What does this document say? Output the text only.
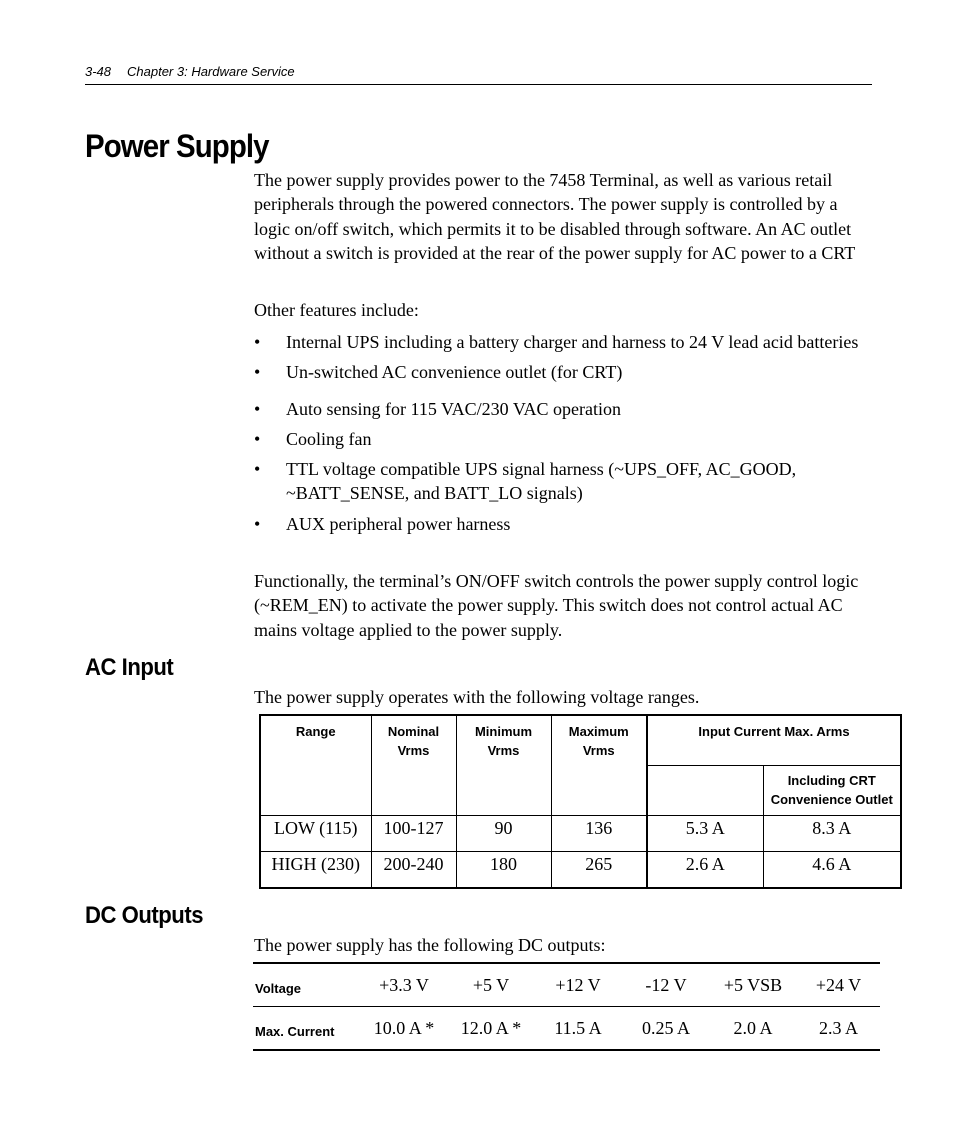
3-48 Chapter 3: Hardware Service
Power Supply

The power supply provides power to the 7458 Terminal, as well as various retail peripherals through the powered connectors. The power supply is controlled by a logic on/off switch, which permits it to be disabled through software. An AC outlet without a switch is provided at the rear of the power supply for AC power to a CRT

Other features include:

•	Internal UPS including a battery charger and harness to 24 V lead acid batteries
•	Un-switched AC convenience outlet (for CRT)
•	Auto sensing for 115 VAC/230 VAC operation
•	Cooling fan
•	TTL voltage compatible UPS signal harness (~UPS_OFF, AC_GOOD, ~BATT_SENSE, and BATT_LO signals)
•	AUX peripheral power harness

Functionally, the terminal’s ON/OFF switch controls the power supply control logic (~REM_EN) to activate the power supply. This switch does not control actual AC mains voltage applied to the power supply.

AC Input

The power supply operates with the following voltage ranges.

Range	Nominal Vrms	Minimum Vrms	Maximum Vrms	Input Current Max. Arms	
					Including CRT Convenience Outlet
LOW (115)	100-127	90	136	5.3 A	8.3 A
HIGH (230)	200-240	180	265	2.6 A	4.6 A
DC Outputs

The power supply has the following DC outputs:

Voltage	+3.3 V	+5 V	+12 V	-12 V	+5 VSB	+24 V
Max. Current	10.0 A *	12.0 A *	11.5 A	0.25 A	2.0 A	2.3 A
